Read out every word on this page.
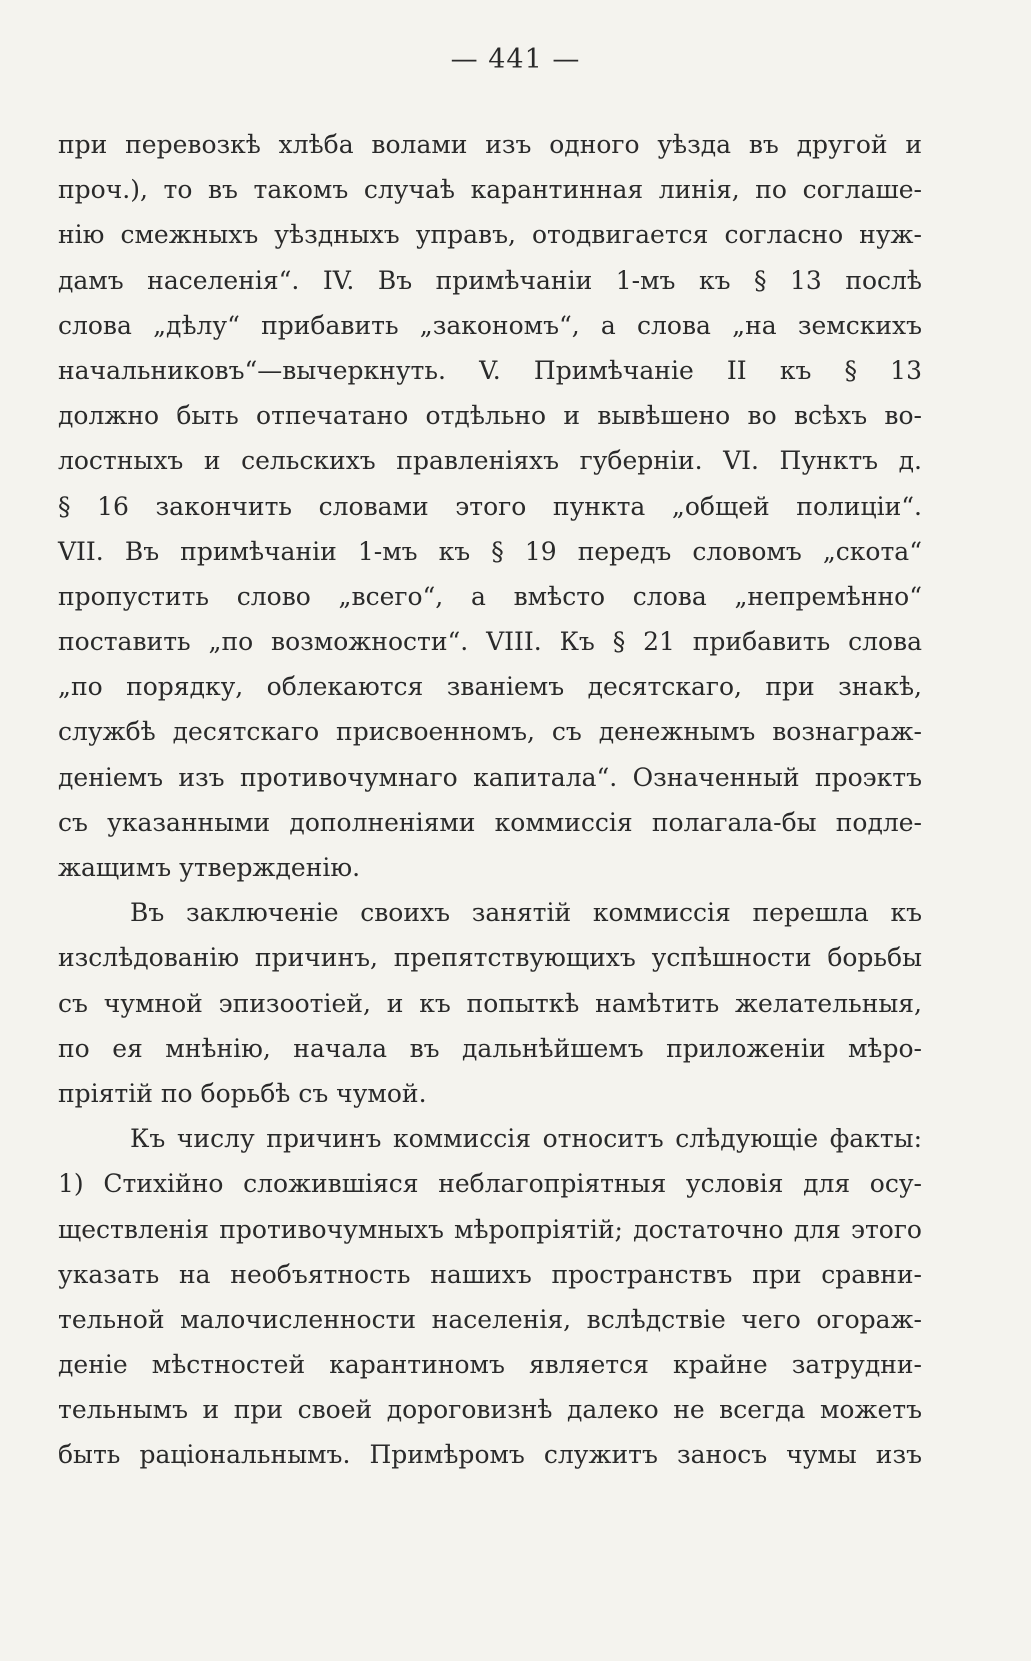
— 441 —
при перевозкѣ хлѣба волами изъ одного уѣзда въ другой и
проч.), то въ такомъ случаѣ карантинная линія, по соглаше-
нію смежныхъ уѣздныхъ управъ, отодвигается согласно нуж-
дамъ населенія“. IV. Въ примѣчаніи 1-мъ къ § 13 послѣ
слова „дѣлу“ прибавить „закономъ“, а слова „на земскихъ
начальниковъ“—вычеркнуть. V. Примѣчаніе II къ § 13
должно быть отпечатано отдѣльно и вывѣшено во всѣхъ во-
лостныхъ и сельскихъ правленіяхъ губерніи. VI. Пунктъ д.
§ 16 закончить словами этого пункта „общей полиціи“.
VII. Въ примѣчаніи 1-мъ къ § 19 передъ словомъ „скота“
пропустить слово „всего“, а вмѣсто слова „непремѣнно“
поставить „по возможности“. VIII. Къ § 21 прибавить слова
„по порядку, облекаются званіемъ десятскаго, при знакѣ,
службѣ десятскаго присвоенномъ, съ денежнымъ вознаграж-
деніемъ изъ противочумнаго капитала“. Означенный проэктъ
съ указанными дополненіями коммиссія полагала-бы подле-
жащимъ утвержденію.
Въ заключеніе своихъ занятій коммиссія перешла къ
изслѣдованію причинъ, препятствующихъ успѣшности борьбы
съ чумной эпизоотіей, и къ попыткѣ намѣтить желательныя,
по ея мнѣнію, начала въ дальнѣйшемъ приложеніи мѣро-
пріятій по борьбѣ съ чумой.
Къ числу причинъ коммиссія относитъ слѣдующіе факты:
1) Стихійно сложившіяся неблагопріятныя условія для осу-
ществленія противочумныхъ мѣропріятій; достаточно для этого
указать на необъятность нашихъ пространствъ при сравни-
тельной малочисленности населенія, вслѣдствіе чего огораж-
деніе мѣстностей карантиномъ является крайне затрудни-
тельнымъ и при своей дороговизнѣ далеко не всегда можетъ
быть раціональнымъ. Примѣромъ служитъ заносъ чумы изъ
